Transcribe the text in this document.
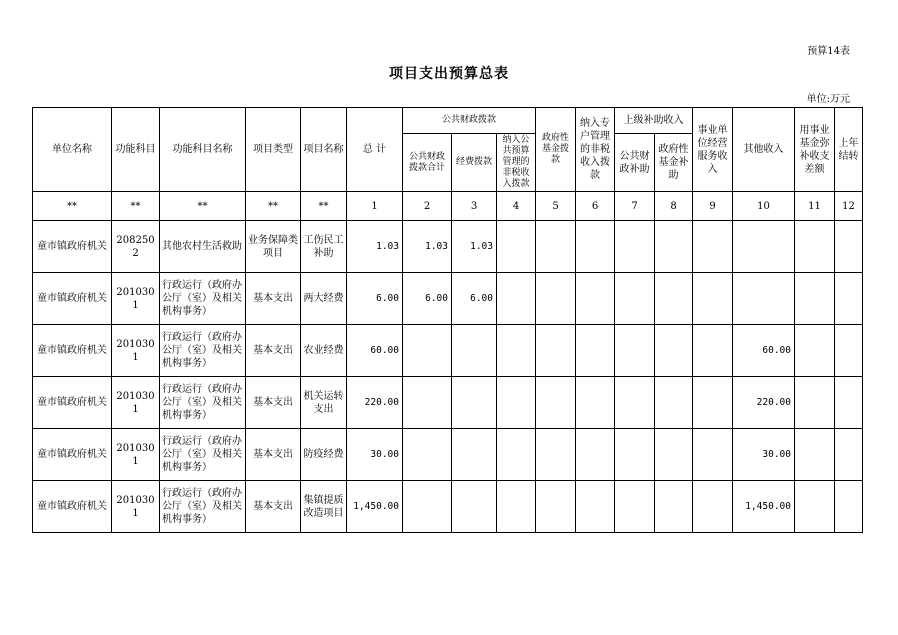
预算14表
项目支出预算总表
单位:万元
单位名称	功能科目	功能科目名称	项目类型	项目名称	总 计	公共财政拨款			政府性基金拨款	纳入专户管理的非税收入拨款	上级补助收入		事业单位经营服务收入	其他收入	用事业基金弥补收支差额	上年结转
						公共财政拨款合计	经费拨款	纳入公共预算管理的非税收入拨款			公共财政补助	政府性基金补助				
**	**	**	**	**	1	2	3	4	5	6	7	8	9	10	11	12
童市镇政府机关	2082502	其他农村生活救助	业务保障类项目	工伤民工补助	1.03	1.03	1.03									
童市镇政府机关	2010301	行政运行（政府办公厅（室）及相关机构事务）	基本支出	两大经费	6.00	6.00	6.00									
童市镇政府机关	2010301	行政运行（政府办公厅（室）及相关机构事务）	基本支出	农业经费	60.00									60.00		
童市镇政府机关	2010301	行政运行（政府办公厅（室）及相关机构事务）	基本支出	机关运转支出	220.00									220.00		
童市镇政府机关	2010301	行政运行（政府办公厅（室）及相关机构事务）	基本支出	防疫经费	30.00									30.00		
童市镇政府机关	2010301	行政运行（政府办公厅（室）及相关机构事务）	基本支出	集镇提质改造项目	1,450.00									1,450.00		
